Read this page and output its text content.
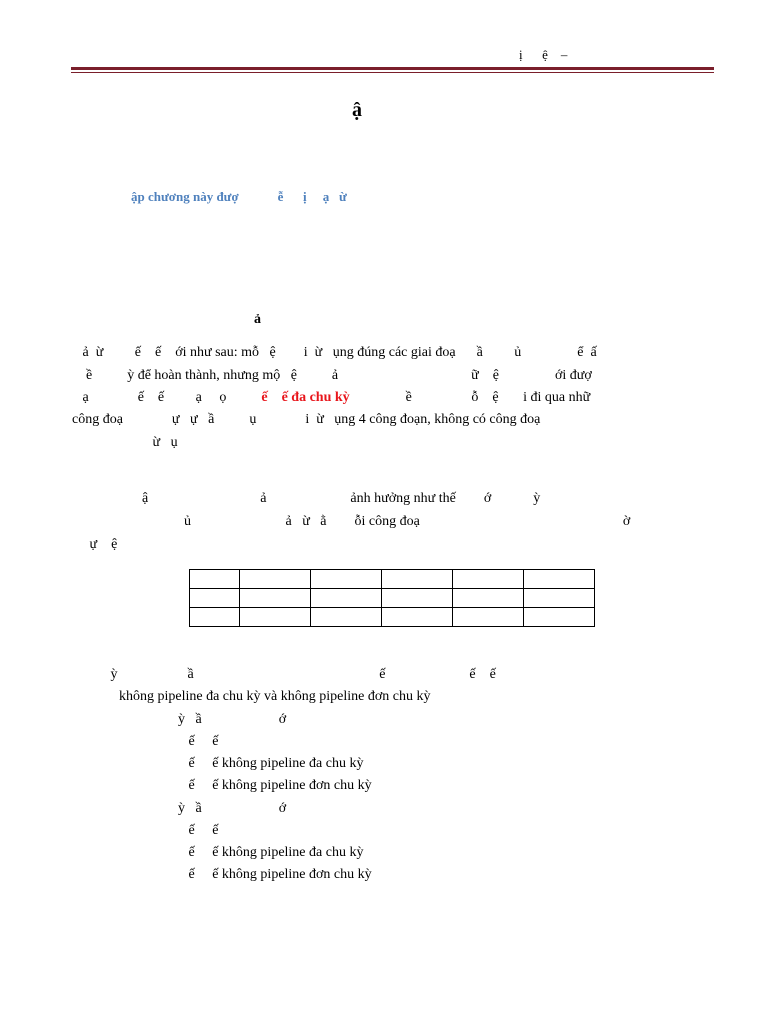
ị      ệ    –
ậ
ập chương này đượ            ễ      ị     ạ   ừ
ả
ả  ừ         ế    ế    ới như sau: mỗ   ệ        i  ừ   ụng đúng các giai đoạ      ầ         ủ                ể  ấ
ề          ỳ để hoàn thành, nhưng mộ   ệ          ả                                      ữ    ệ                ới đượ
ạ              ế    ế         ạ     ọ          ế    ế đa chu kỳ                ề                 ỗ    ệ       i đi qua nhữ
công đoạ              ự   ự   ầ          ụ              i  ừ   ụng 4 công đoạn, không có công đoạ
ừ   ụ
ậ                                ả                        ảnh hưởng như thế        ớ            ỳ
ủ                           ả   ừ   ằ        ỗi công đoạ                                                          ờ
ự    ệ

ỳ                    ầ                                                     ế                        ế    ế
không pipeline đa chu kỳ và không pipeline đơn chu kỳ
ỳ   ầ                      ớ
ế     ế
ế     ế không pipeline đa chu kỳ
ế     ế không pipeline đơn chu kỳ
ỳ   ầ                      ớ
ế     ế
ế     ế không pipeline đa chu kỳ
ế     ế không pipeline đơn chu kỳ
